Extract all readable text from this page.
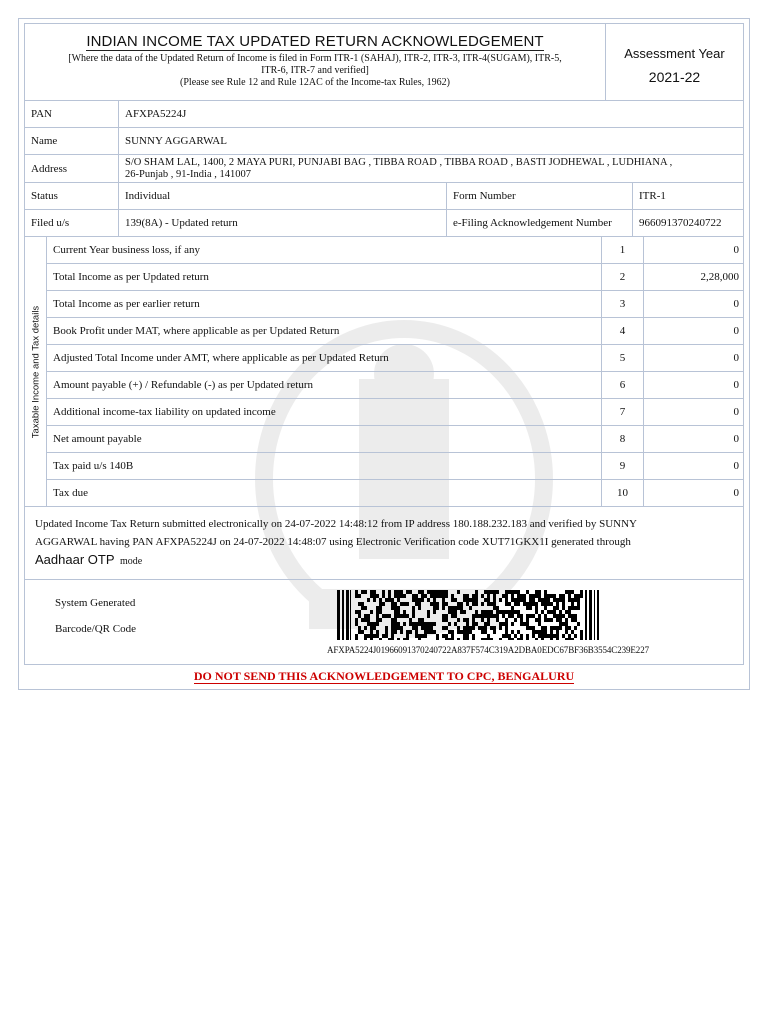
INDIAN INCOME TAX UPDATED RETURN ACKNOWLEDGEMENT
[Where the data of the Updated Return of Income is filed in Form ITR-1 (SAHAJ), ITR-2, ITR-3, ITR-4(SUGAM), ITR-5,
ITR-6, ITR-7 and verified]
(Please see Rule 12 and Rule 12AC of the Income-tax Rules, 1962)
Assessment Year
2021-22
PAN	AFXPA5224J		
Name	SUNNY AGGARWAL		
Address	S/O SHAM LAL, 1400, 2 MAYA PURI, PUNJABI BAG , TIBBA ROAD , TIBBA ROAD , BASTI JODHEWAL , LUDHIANA ,
26-Punjab , 91-India , 141007		

Status	Individual	Form Number	ITR-1
Filed u/s	139(8A) - Updated return	e-Filing Acknowledgement Number	966091370240722
Taxable Income and Tax details	Current Year business loss, if any	1	0
	Total Income as per Updated return	2	2,28,000
	Total Income as per earlier return	3	0
	Book Profit under MAT, where applicable as per Updated Return	4	0
	Adjusted Total Income under AMT, where applicable as per Updated Return	5	0
	Amount payable (+) / Refundable (-) as per Updated return	6	0
	Additional income-tax liability on updated income	7	0
	Net amount payable	8	0
	Tax paid u/s 140B	9	0
	Tax due	10	0
Updated Income Tax Return submitted electronically on 24-07-2022 14:48:12 from IP address 180.188.232.183 and verified by SUNNY
AGGARWAL having PAN AFXPA5224J on 24-07-2022 14:48:07 using Electronic Verification code XUT71GKX1I generated through
Aadhaar OTP mode
System Generated
Barcode/QR Code
AFXPA5224J01966091370240722A837F574C319A2DBA0EDC67BF36B3554C239E227
DO NOT SEND THIS ACKNOWLEDGEMENT TO CPC, BENGALURU
